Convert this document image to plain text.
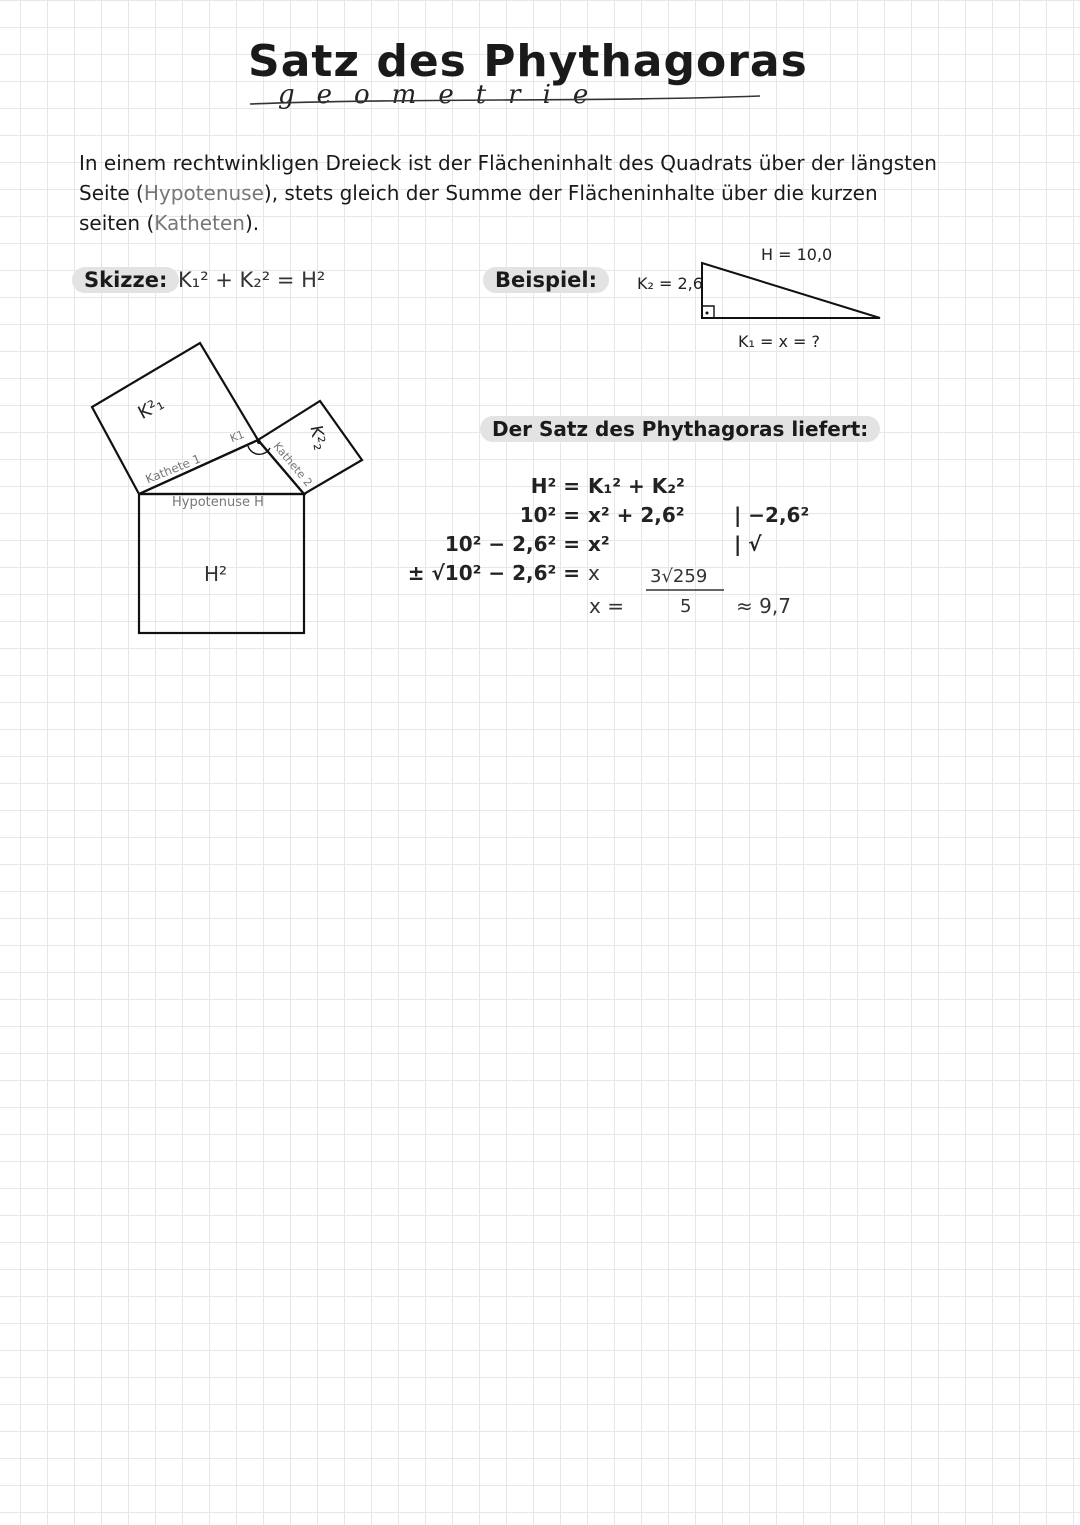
Satz des Phythagoras
geometrie
In einem rechtwinkligen Dreieck ist der Flächeninhalt des Quadrats über der längsten
Seite (Hypotenuse), stets gleich der Summe der Flächeninhalte über die kurzen
seiten (Katheten).
Skizze: K₁² + K₂² = H²
K²₁
K²₂
H²
Kathete 1
K1
Kathete 2
Hypotenuse H
Beispiel:	K₂ = 2,6
H = 10,0
K₁ = x = ?
Der Satz des Phythagoras liefert:
H² =
10² =
10² − 2,6² =
± √10² − 2,6² =
K₁² + K₂²
x² + 2,6²
x²
x
| −2,6²
| √
x =
3√259
5 ≈ 9,7
